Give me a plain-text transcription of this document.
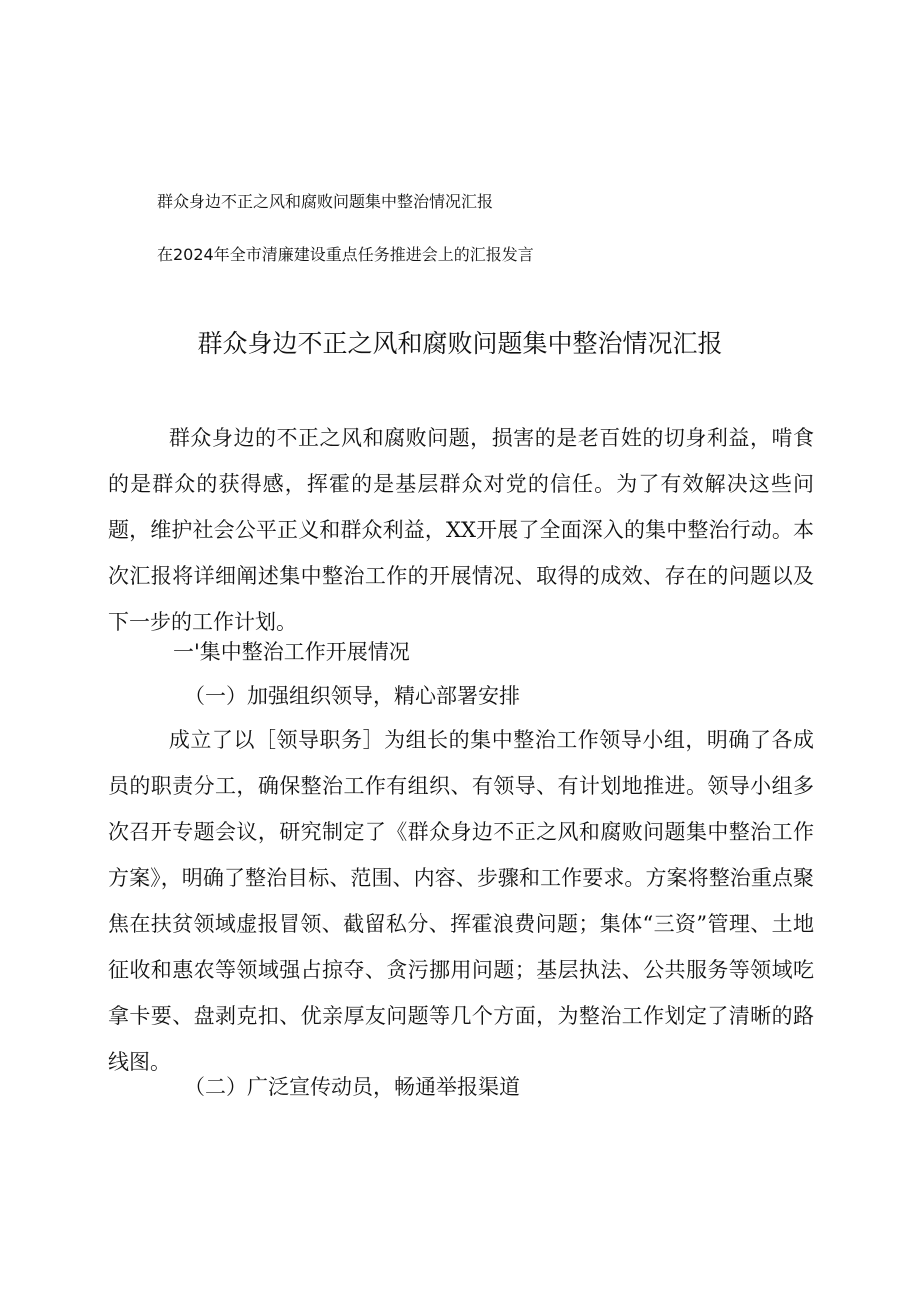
群众身边不正之风和腐败问题集中整治情况汇报
在2024年全市清廉建设重点任务推进会上的汇报发言
群众身边不正之风和腐败问题集中整治情况汇报

群众身边的不正之风和腐败问题，损害的是老百姓的切身利益，啃食的是群众的获得感，挥霍的是基层群众对党的信任。为了有效解决这些问题，维护社会公平正义和群众利益，XX开展了全面深入的集中整治行动。本次汇报将详细阐述集中整治工作的开展情况、取得的成效、存在的问题以及下一步的工作计划。

一'集中整治工作开展情况
（一）加强组织领导，精心部署安排

成立了以［领导职务］为组长的集中整治工作领导小组，明确了各成员的职责分工，确保整治工作有组织、有领导、有计划地推进。领导小组多次召开专题会议，研究制定了《群众身边不正之风和腐败问题集中整治工作方案》，明确了整治目标、范围、内容、步骤和工作要求。方案将整治重点聚焦在扶贫领域虚报冒领、截留私分、挥霍浪费问题；集体“三资”管理、土地征收和惠农等领域强占掠夺、贪污挪用问题；基层执法、公共服务等领域吃拿卡要、盘剥克扣、优亲厚友问题等几个方面，为整治工作划定了清晰的路线图。

（二）广泛宣传动员，畅通举报渠道
